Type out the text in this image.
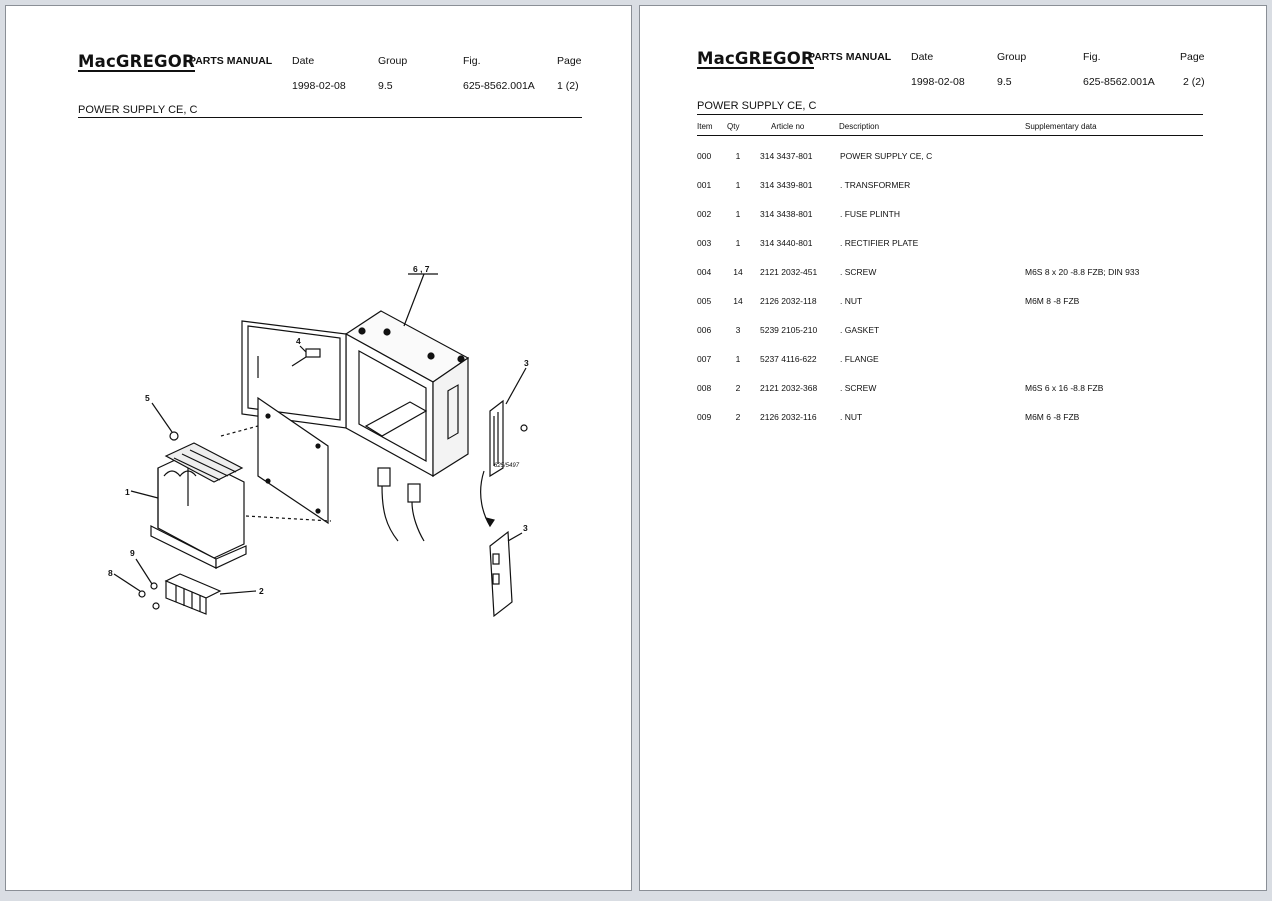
MacGREGOR
PARTS MANUAL Date	Group	Fig.	Page
1998-02-08	9.5	625-8562.001A 1 (2)
POWER SUPPLY CE, C
6 , 7
4
5
3
1
9
8
2
3
625/5497
MacGREGOR
PARTS MANUAL Date	Group	Fig.	Page
1998-02-08	9.5	625-8562.001A	2 (2)
POWER SUPPLY CE, C
Item Qty	Article no	Description	Supplementary data
000	1	314 3437-801	POWER SUPPLY CE, C
001	1	314 3439-801	. TRANSFORMER
002	1	314 3438-801	. FUSE PLINTH
003	1	314 3440-801	. RECTIFIER PLATE
004	14	2121 2032-451	. SCREW	M6S 8 x 20 -8.8 FZB; DIN 933
005	14	2126 2032-118	. NUT	M6M 8 -8 FZB
006	3	5239 2105-210	. GASKET
007	1	5237 4116-622	. FLANGE
008	2	2121 2032-368	. SCREW	M6S 6 x 16 -8.8 FZB
009	2	2126 2032-116	. NUT	M6M 6 -8 FZB
